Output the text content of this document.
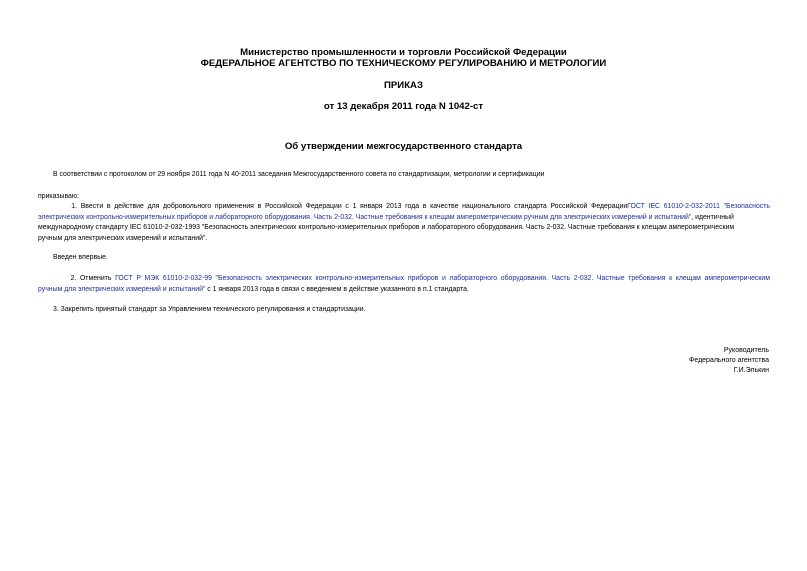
Министерство промышленности и торговли Российской Федерации
ФЕДЕРАЛЬНОЕ АГЕНТСТВО ПО ТЕХНИЧЕСКОМУ РЕГУЛИРОВАНИЮ И МЕТРОЛОГИИ
ПРИКАЗ
от 13 декабря 2011 года N 1042-ст
Об утверждении межгосударственного стандарта
В соответствии с протоколом от 29 ноября 2011 года N 40-2011 заседания Межгосударственного совета по стандартизации, метрологии и сертификации
приказываю:
1. Ввести в действие для добровольного применения в Российской Федерации с 1 января 2013 года в качестве национального стандарта Российской ФедерацииГОСТ IEC 61010-2-032-2011 "Безопасность
электрических контрольно-измерительных приборов и лабораторного оборудования. Часть 2-032. Частные требования к клещам амперометрическим ручным для электрических измерений и испытаний", идентичный
международному стандарту IEC 61010-2-032-1993 "Безопасность электрических контрольно-измерительных приборов и лабораторного оборудования. Часть 2-032. Частные требования к клещам амперометрическим
ручным для электрических измерений и испытаний".
Введен впервые.
2. Отменить ГОСТ Р МЭК 61010-2-032-99 "Безопасность электрических контрольно-измерительных приборов и лабораторного оборудования. Часть 2-032. Частные требования к клещам амперометрическим
ручным для электрических измерений и испытаний" с 1 января 2013 года в связи с введением в действие указанного в п.1 стандарта.
3. Закрепить принятый стандарт за Управлением технического регулирования и стандартизации.
Руководитель
Федерального агентства
Г.И.Элькин
